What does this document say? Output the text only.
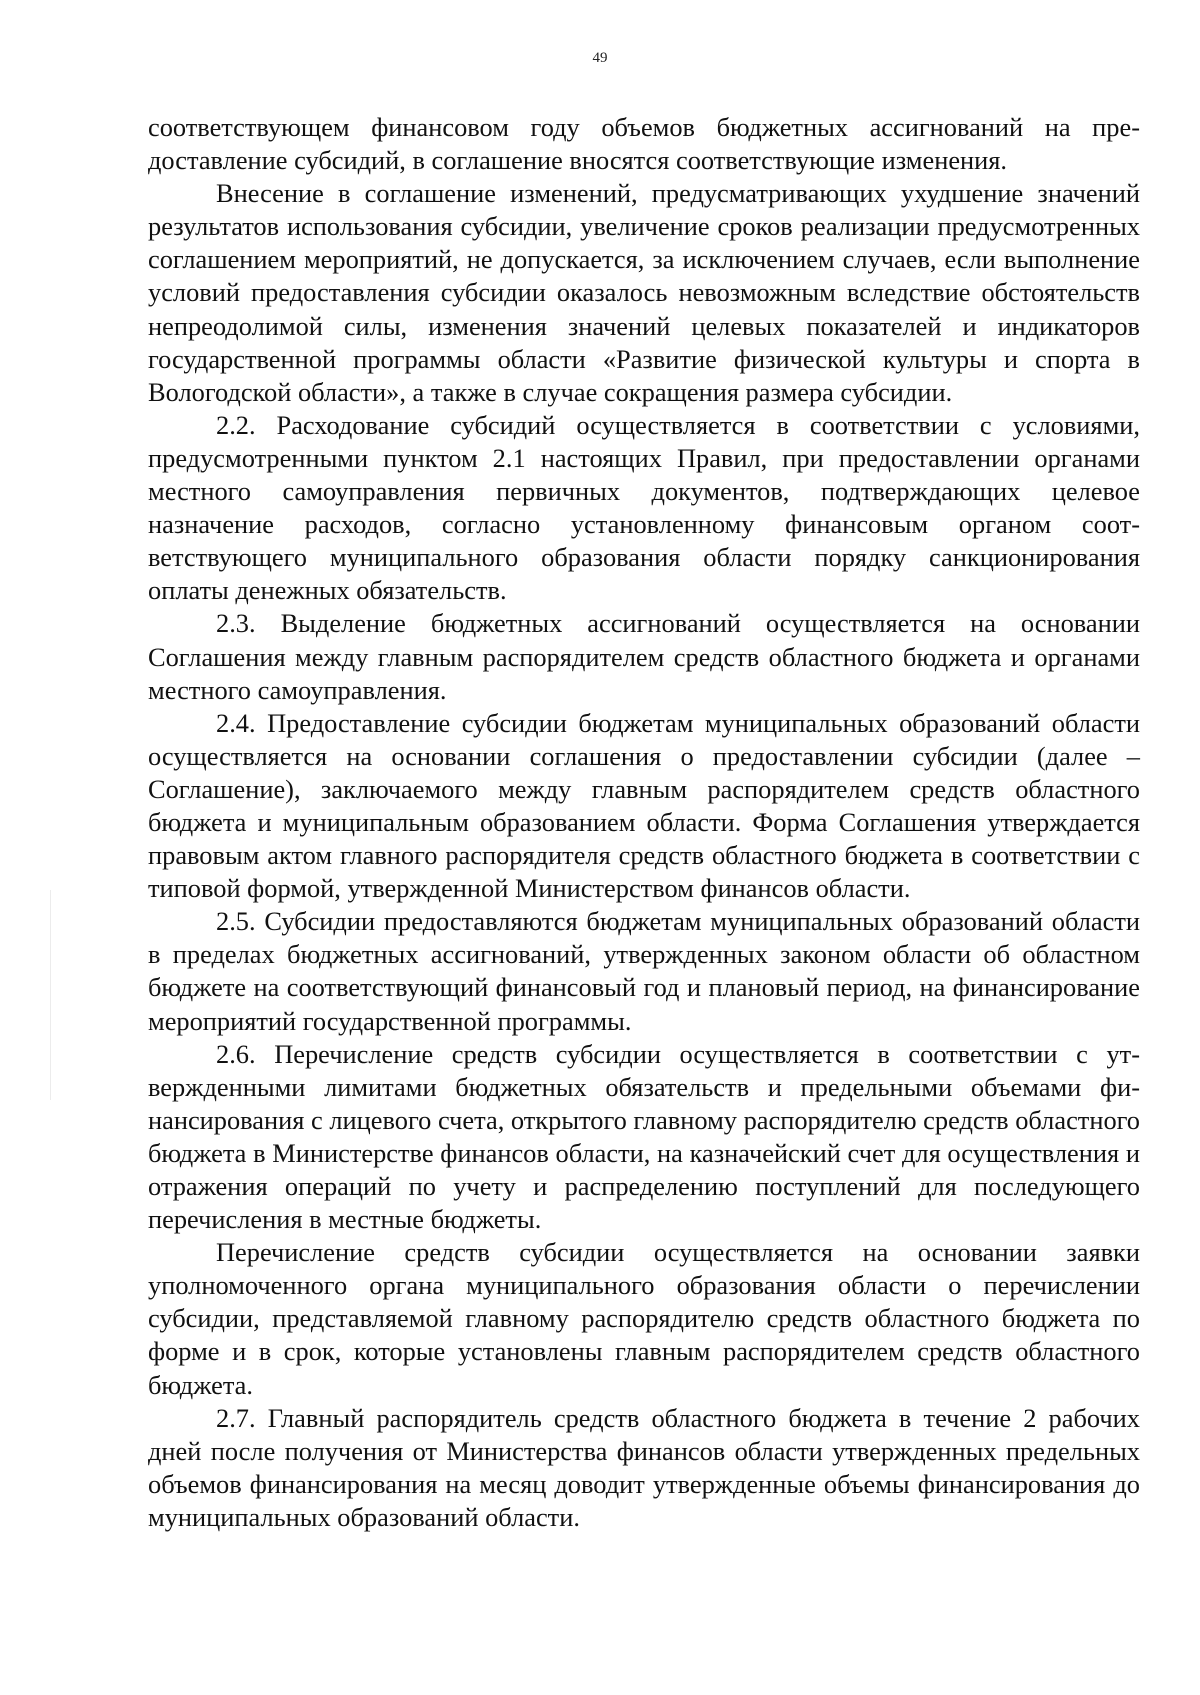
49

соответствующем финансовом году объемов бюджетных ассигнований на предоставление субсидий, в соглашение вносятся соответствующие изменения.

Внесение в соглашение изменений, предусматривающих ухудшение значений результатов использования субсидии, увеличение сроков реализации предусмотренных соглашением мероприятий, не допускается, за исключением случаев, если выполнение условий предоставления субсидии оказалось невозможным вследствие обстоятельств непреодолимой силы, изменения значений целевых показателей и индикаторов государственной программы области «Развитие физической культуры и спорта в Вологодской области», а также в случае сокращения размера субсидии.

2.2. Расходование субсидий осуществляется в соответствии с условиями, предусмотренными пунктом 2.1 настоящих Правил, при предоставлении органами местного самоуправления первичных документов, подтверждающих целевое назначение расходов, согласно установленному финансовым органом соответствующего муниципального образования области порядку санкционирования оплаты денежных обязательств.

2.3. Выделение бюджетных ассигнований осуществляется на основании Соглашения между главным распорядителем средств областного бюджета и органами местного самоуправления.

2.4. Предоставление субсидии бюджетам муниципальных образований области осуществляется на основании соглашения о предоставлении субсидии (далее – Соглашение), заключаемого между главным распорядителем средств областного бюджета и муниципальным образованием области. Форма Соглашения утверждается правовым актом главного распорядителя средств областного бюджета в соответствии с типовой формой, утвержденной Министерством финансов области.

2.5. Субсидии предоставляются бюджетам муниципальных образований области в пределах бюджетных ассигнований, утвержденных законом области об областном бюджете на соответствующий финансовый год и плановый период, на финансирование мероприятий государственной программы.

2.6. Перечисление средств субсидии осуществляется в соответствии с утвержденными лимитами бюджетных обязательств и предельными объемами финансирования с лицевого счета, открытого главному распорядителю средств областного бюджета в Министерстве финансов области, на казначейский счет для осуществления и отражения операций по учету и распределению поступлений для последующего перечисления в местные бюджеты.

Перечисление средств субсидии осуществляется на основании заявки уполномоченного органа муниципального образования области о перечислении субсидии, представляемой главному распорядителю средств областного бюджета по форме и в срок, которые установлены главным распорядителем средств областного бюджета.

2.7. Главный распорядитель средств областного бюджета в течение 2 рабочих дней после получения от Министерства финансов области утвержденных предельных объемов финансирования на месяц доводит утвержденные объемы финансирования до муниципальных образований области.
